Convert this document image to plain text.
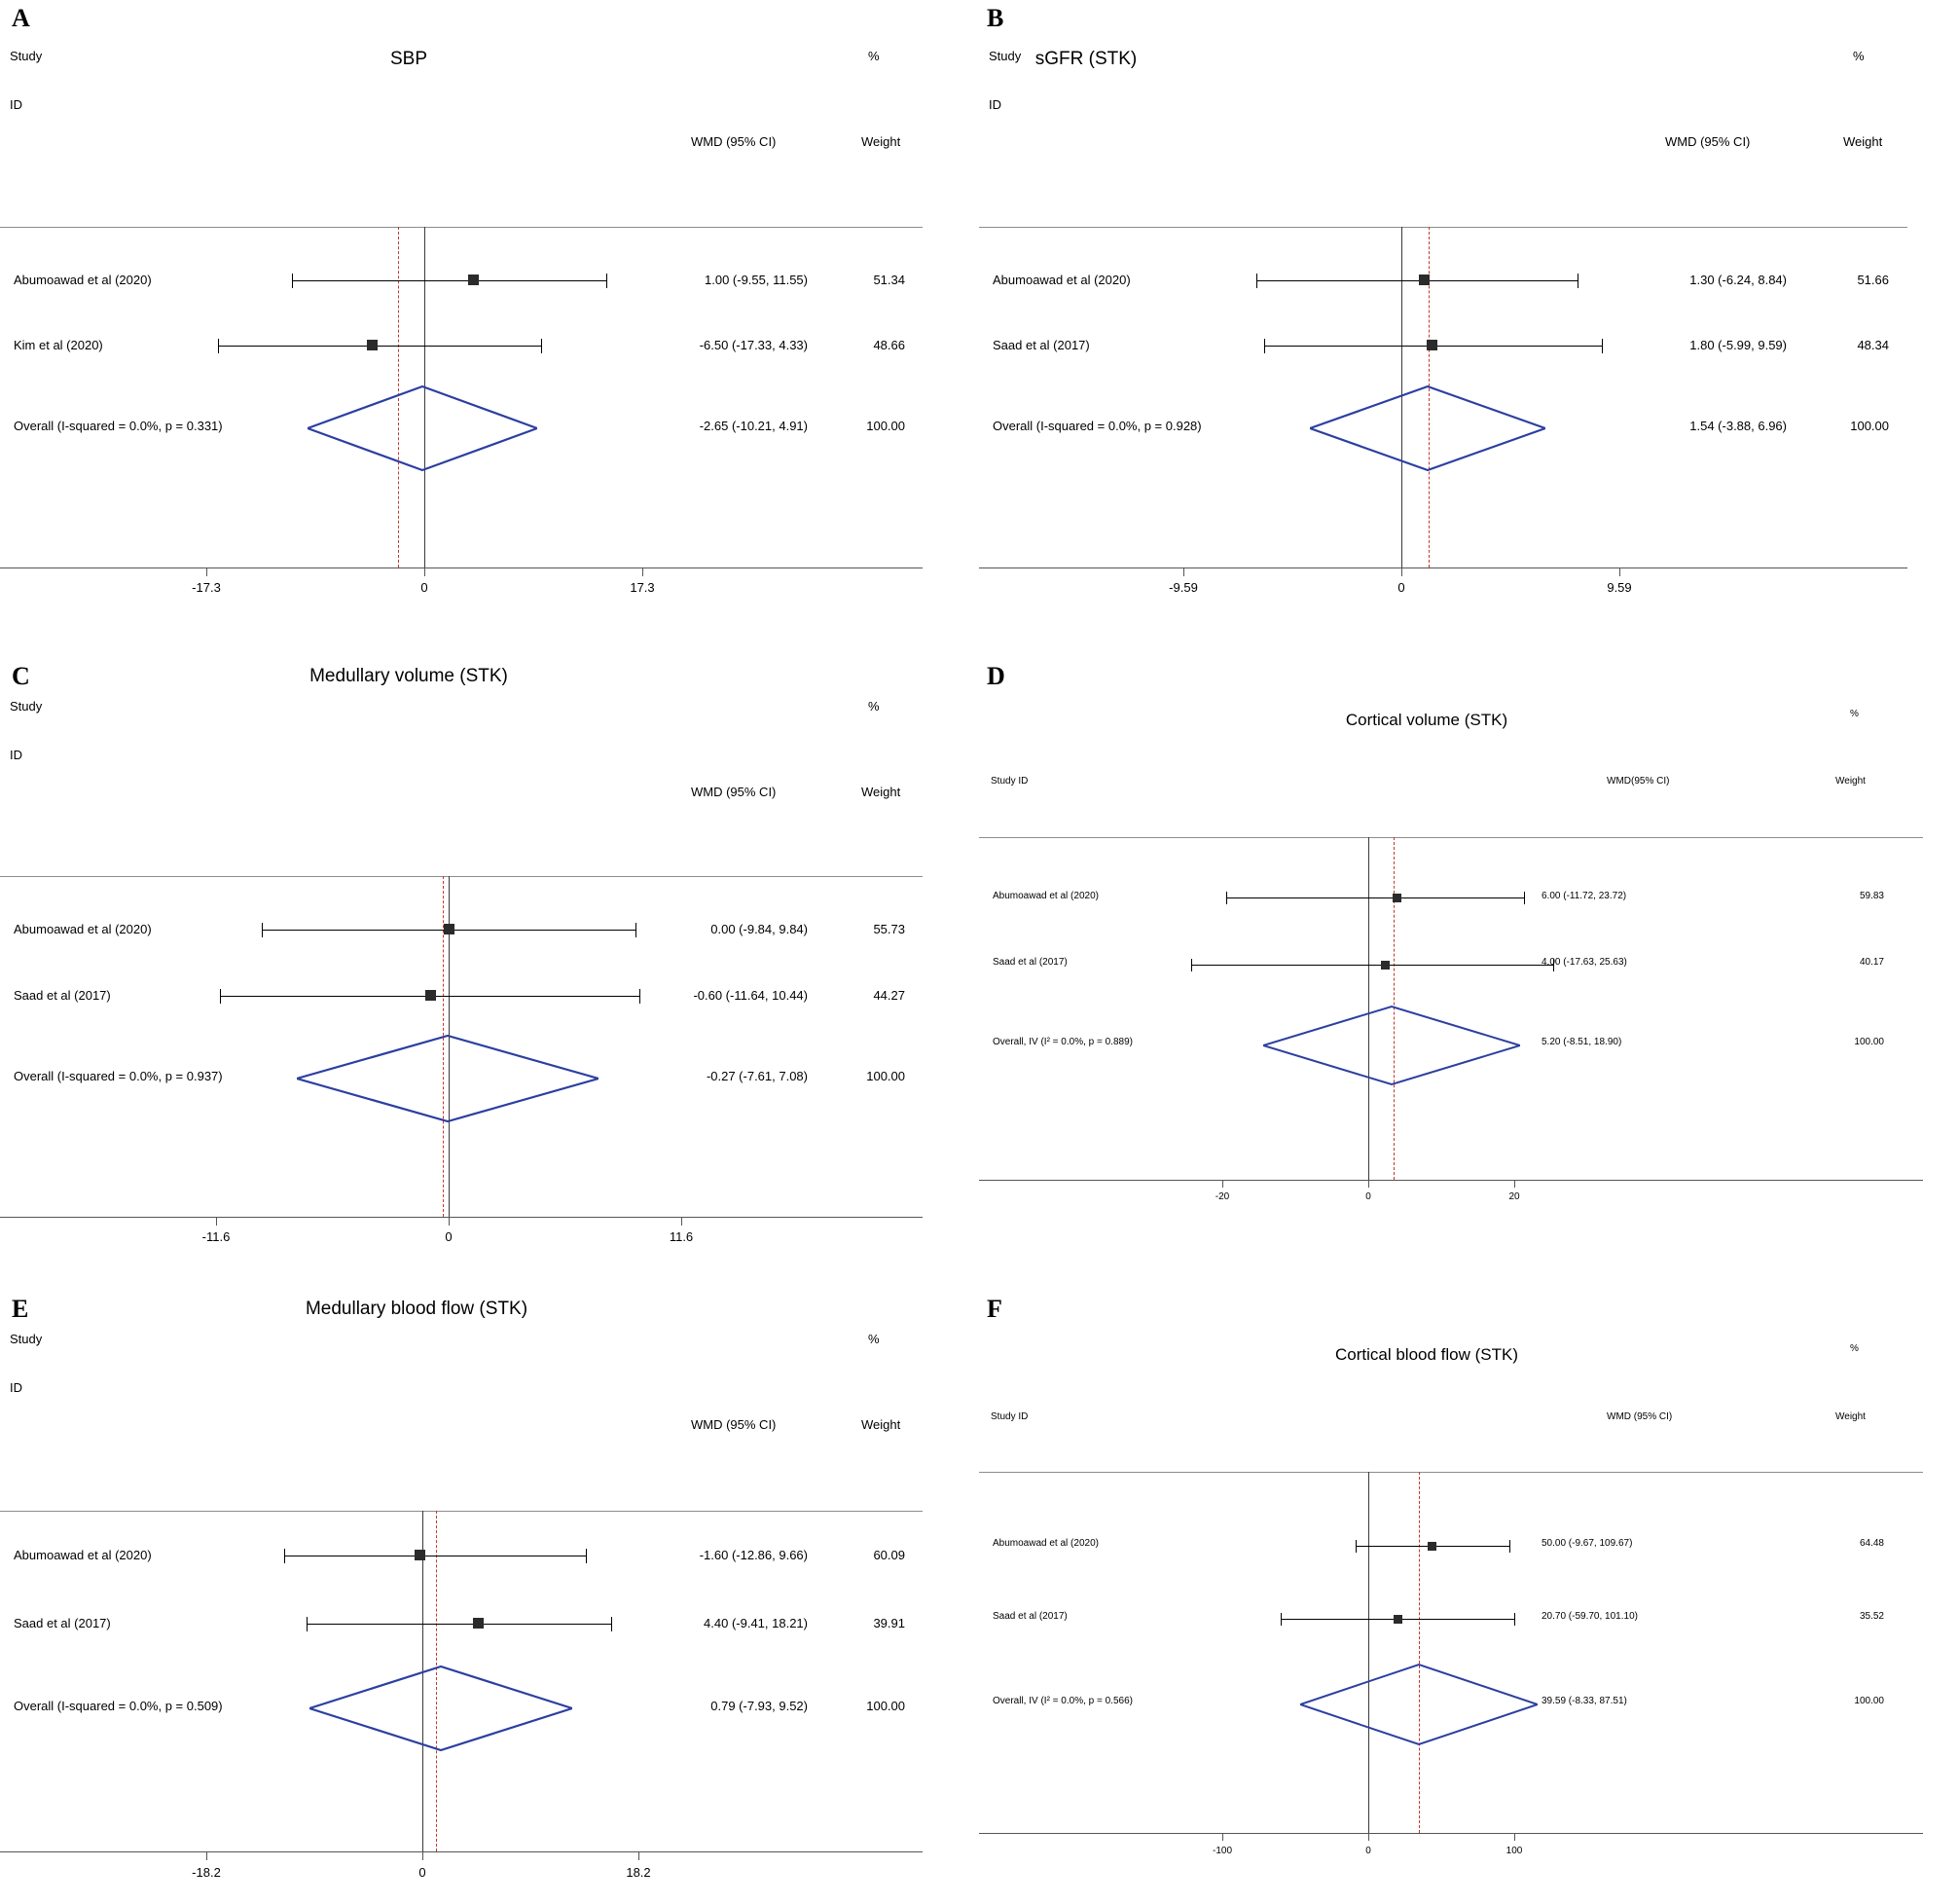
A
SBP
Study
ID
%
WMD (95% CI)	Weight
Abumoawad et al (2020)	1.00 (-9.55, 11.55)	51.34
Kim et al (2020)	-6.50 (-17.33, 4.33)	48.66
Overall (I-squared = 0.0%, p = 0.331)	-2.65 (-10.21, 4.91)	100.00
-17.3	0	17.3
B
sGFR (STK)
Study
ID
%
WMD (95% CI)	Weight
Abumoawad et al (2020)	1.30 (-6.24, 8.84)	51.66
Saad et al (2017)	1.80 (-5.99, 9.59)	48.34
Overall (I-squared = 0.0%, p = 0.928)	1.54 (-3.88, 6.96)	100.00
-9.59	0	9.59
C	Medullary volume (STK)
Study
ID
%
WMD (95% CI)	Weight
Abumoawad et al (2020)	0.00 (-9.84, 9.84)	55.73
Saad et al (2017)	-0.60 (-11.64, 10.44)	44.27
Overall (I-squared = 0.0%, p = 0.937)	-0.27 (-7.61, 7.08)	100.00
-11.6	0	11.6
D
Cortical volume (STK)	%
Study ID	WMD(95% CI)	Weight
Abumoawad et al (2020)	6.00 (-11.72, 23.72)	59.83
Saad et al (2017)	4.00 (-17.63, 25.63)	40.17
Overall, IV (I² = 0.0%, p = 0.889)	5.20 (-8.51, 18.90)	100.00
-20	0	20
E	Medullary blood flow (STK)
Study
ID
%
WMD (95% CI)	Weight
Abumoawad et al (2020)	-1.60 (-12.86, 9.66)	60.09
Saad et al (2017)	4.40 (-9.41, 18.21)	39.91
Overall (I-squared = 0.0%, p = 0.509)	0.79 (-7.93, 9.52)	100.00
-18.2	0	18.2
F
Cortical blood flow (STK)	%
Study ID	WMD (95% CI)	Weight
Abumoawad et al (2020)	50.00 (-9.67, 109.67)	64.48
Saad et al (2017)	20.70 (-59.70, 101.10)	35.52
Overall, IV (I² = 0.0%, p = 0.566)	39.59 (-8.33, 87.51)	100.00
-100	0	100
